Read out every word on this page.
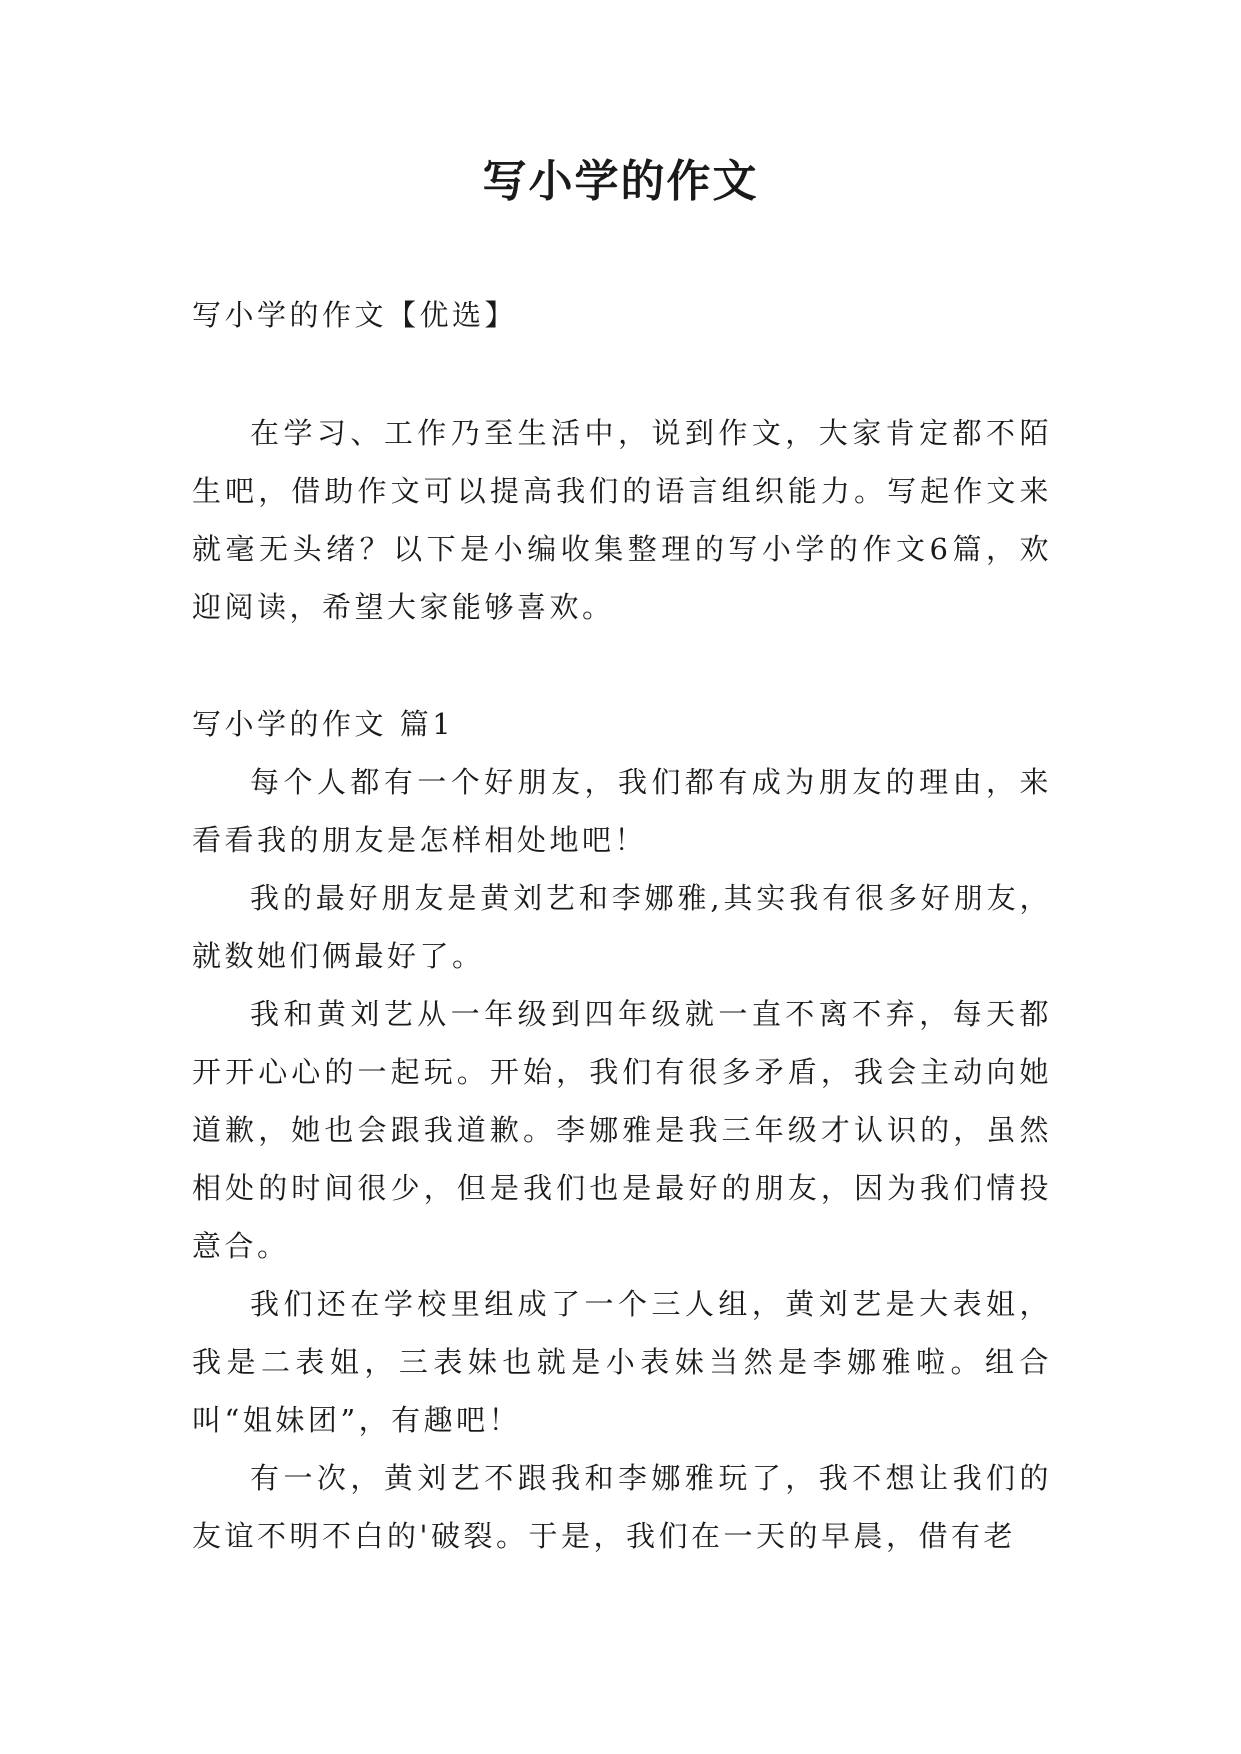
写小学的作文

写小学的作文【优选】

在学习、工作乃至生活中，说到作文，大家肯定都不陌生吧，借助作文可以提高我们的语言组织能力。写起作文来就毫无头绪？以下是小编收集整理的写小学的作文6篇，欢迎阅读，希望大家能够喜欢。

写小学的作文 篇1

每个人都有一个好朋友，我们都有成为朋友的理由，来看看我的朋友是怎样相处地吧！

我的最好朋友是黄刘艺和李娜雅,其实我有很多好朋友，就数她们俩最好了。

我和黄刘艺从一年级到四年级就一直不离不弃，每天都开开心心的一起玩。开始，我们有很多矛盾，我会主动向她道歉，她也会跟我道歉。李娜雅是我三年级才认识的，虽然相处的时间很少，但是我们也是最好的朋友，因为我们情投意合。

我们还在学校里组成了一个三人组，黄刘艺是大表姐，我是二表姐，三表妹也就是小表妹当然是李娜雅啦。组合叫“姐妹团”，有趣吧！

有一次，黄刘艺不跟我和李娜雅玩了，我不想让我们的友谊不明不白的'破裂。于是，我们在一天的早晨，借有老
